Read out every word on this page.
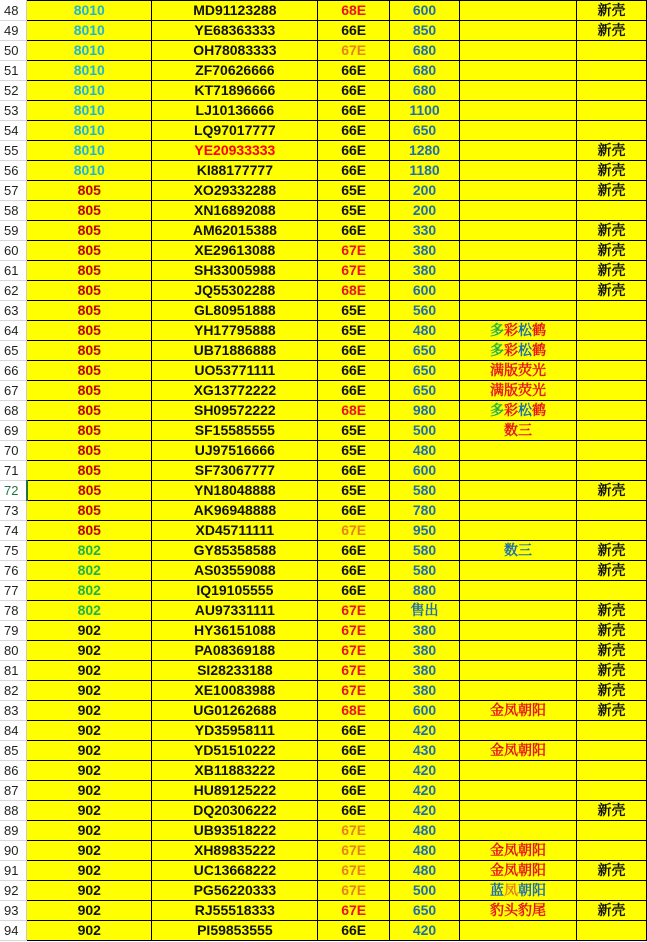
48	8010	MD91123288	68E	600		新壳
49	8010	YE68363333	66E	850		新壳
50	8010	OH78083333	67E	680		
51	8010	ZF70626666	66E	680		
52	8010	KT71896666	66E	680		
53	8010	LJ10136666	66E	1100		
54	8010	LQ97017777	66E	650		
55	8010	YE20933333	66E	1280		新壳
56	8010	KI88177777	66E	1180		新壳
57	805	XO29332288	65E	200		新壳
58	805	XN16892088	65E	200		
59	805	AM62015388	66E	330		新壳
60	805	XE29613088	67E	380		新壳
61	805	SH33005988	67E	380		新壳
62	805	JQ55302288	68E	600		新壳
63	805	GL80951888	65E	560		
64	805	YH17795888	65E	480	多彩松鹤	
65	805	UB71886888	66E	650	多彩松鹤	
66	805	UO53771111	66E	650	满版荧光	
67	805	XG13772222	66E	650	满版荧光	
68	805	SH09572222	68E	980	多彩松鹤	
69	805	SF15585555	65E	500	数三	
70	805	UJ97516666	65E	480		
71	805	SF73067777	66E	600		
72	805	YN18048888	65E	580		新壳
73	805	AK96948888	66E	780		
74	805	XD45711111	67E	950		
75	802	GY85358588	66E	580	数三	新壳
76	802	AS03559088	66E	580		新壳
77	802	IQ19105555	66E	880		
78	802	AU97331111	67E	售出		新壳
79	902	HY36151088	67E	380		新壳
80	902	PA08369188	67E	380		新壳
81	902	SI28233188	67E	380		新壳
82	902	XE10083988	67E	380		新壳
83	902	UG01262688	68E	600	金凤朝阳	新壳
84	902	YD35958111	66E	420		
85	902	YD51510222	66E	430	金凤朝阳	
86	902	XB11883222	66E	420		
87	902	HU89125222	66E	420		
88	902	DQ20306222	66E	420		新壳
89	902	UB93518222	67E	480		
90	902	XH89835222	67E	480	金凤朝阳	
91	902	UC13668222	67E	480	金凤朝阳	新壳
92	902	PG56220333	67E	500	蓝凤朝阳	
93	902	RJ55518333	67E	650	豹头豹尾	新壳
94	902	PI59853555	66E	420		
